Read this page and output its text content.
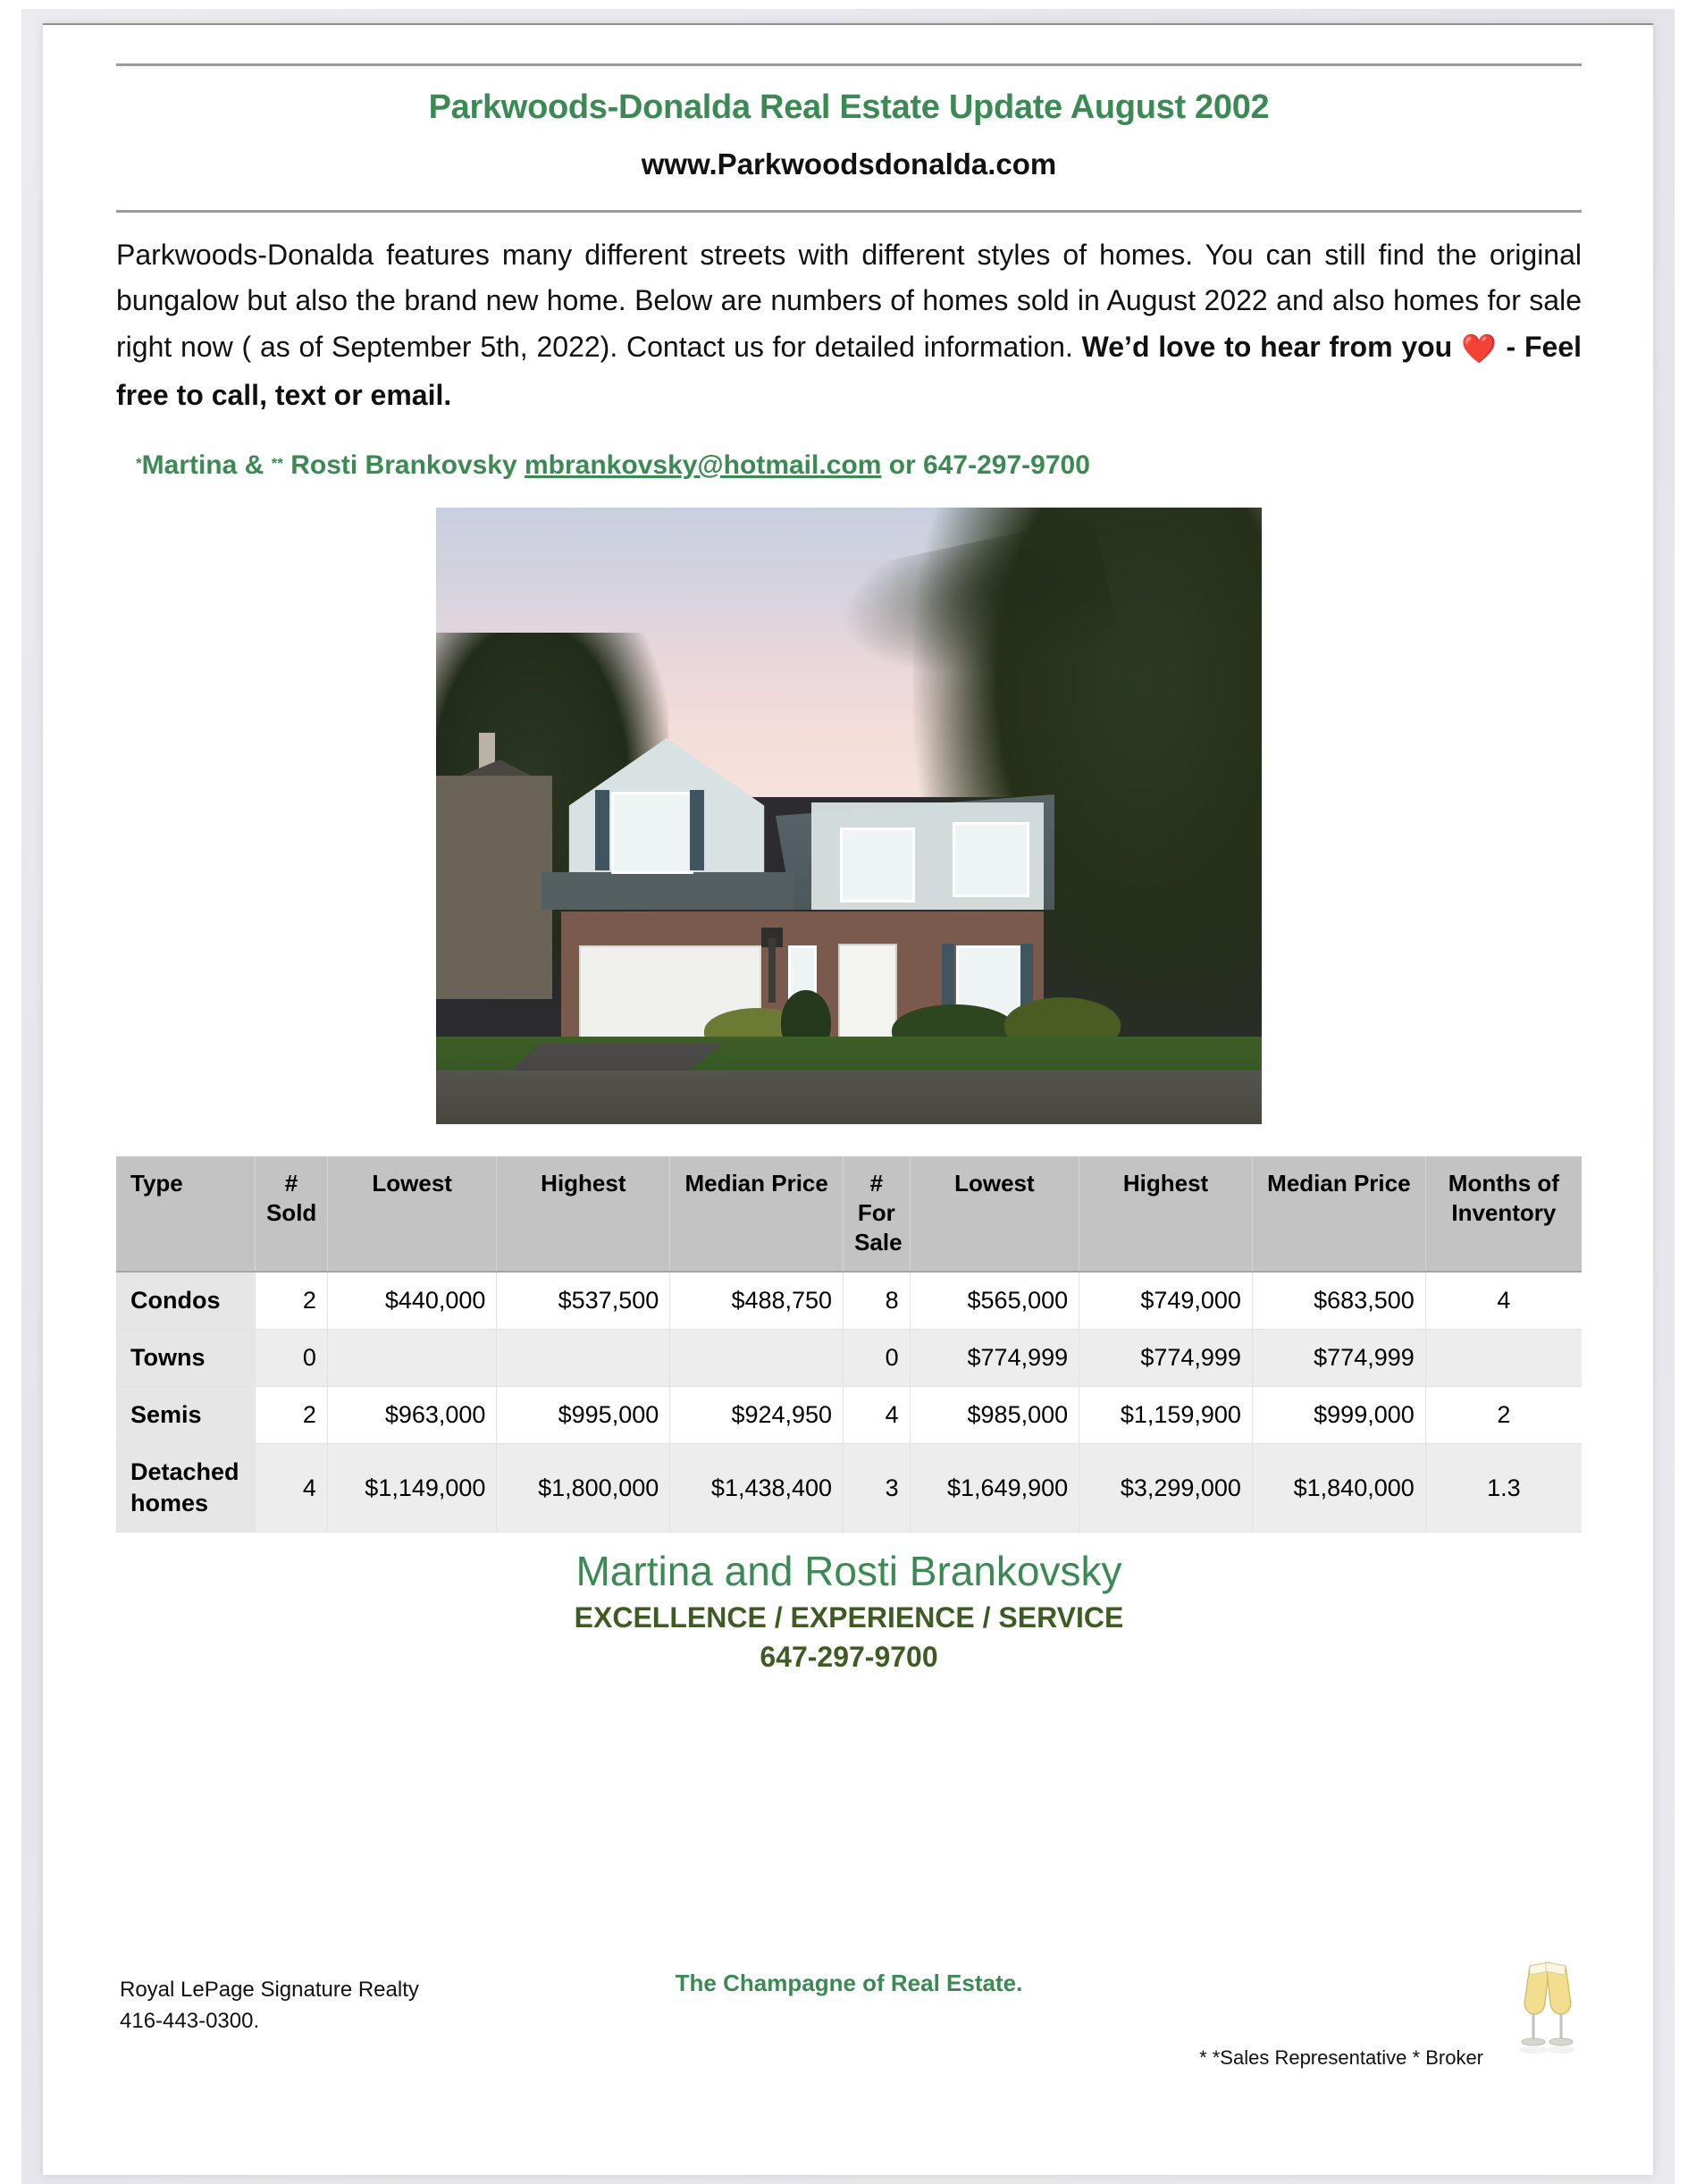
Parkwoods-Donalda Real Estate Update August 2002
www.Parkwoodsdonalda.com

Parkwoods-Donalda features many different streets with different styles of homes. You can still find the original bungalow but also the brand new home. Below are numbers of homes sold in August 2022 and also homes for sale right now ( as of September 5th, 2022). Contact us for detailed information. We’d love to hear from you ❤️ - Feel free to call, text or email.

*Martina & ** Rosti Brankovsky mbrankovsky@hotmail.com or 647-297-9700
Type	# Sold	Lowest	Highest	Median Price	# For Sale	Lowest	Highest	Median Price	Months of Inventory
Condos	2	$440,000	$537,500	$488,750	8	$565,000	$749,000	$683,500	4
Towns	0				0	$774,999	$774,999	$774,999	
Semis	2	$963,000	$995,000	$924,950	4	$985,000	$1,159,900	$999,000	2
Detached homes	4	$1,149,000	$1,800,000	$1,438,400	3	$1,649,900	$3,299,000	$1,840,000	1.3
Martina and Rosti Brankovsky
EXCELLENCE / EXPERIENCE / SERVICE
647-297-9700
Royal LePage Signature Realty
416-443-0300.
The Champagne of Real Estate.
* *Sales Representative * Broker
